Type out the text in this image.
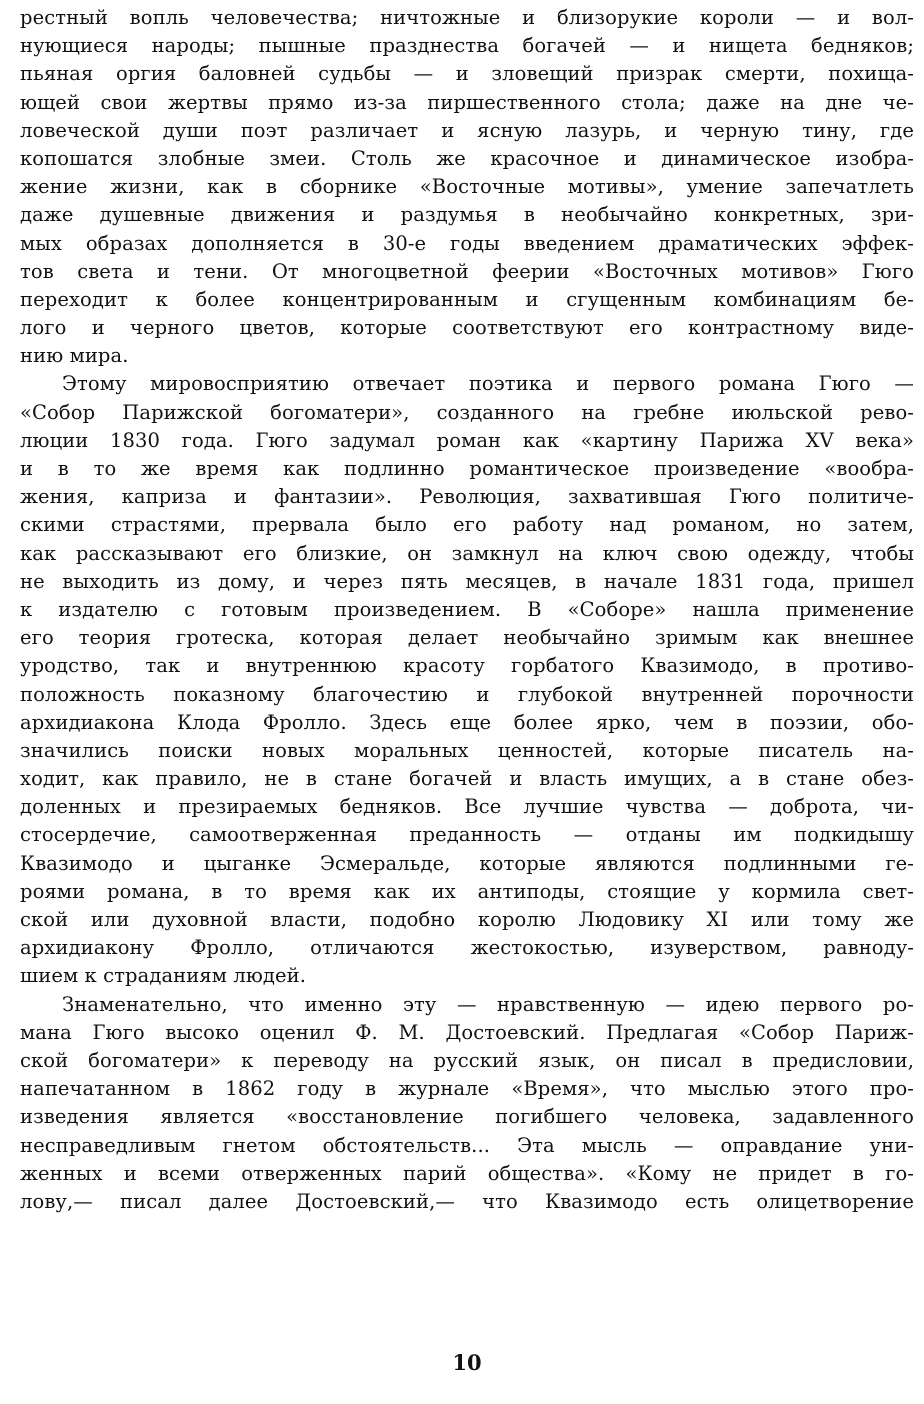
рестный вопль человечества; ничтожные и близорукие короли — и вол-
нующиеся народы; пышные празднества богачей — и нищета бедняков;
пьяная оргия баловней судьбы — и зловещий призрак смерти, похища-
ющей свои жертвы прямо из-за пиршественного стола; даже на дне че-
ловеческой души поэт различает и ясную лазурь, и черную тину, где
копошатся злобные змеи. Столь же красочное и динамическое изобра-
жение жизни, как в сборнике «Восточные мотивы», умение запечатлеть
даже душевные движения и раздумья в необычайно конкретных, зри-
мых образах дополняется в 30-е годы введением драматических эффек-
тов света и тени. От многоцветной феерии «Восточных мотивов» Гюго
переходит к более концентрированным и сгущенным комбинациям бе-
лого и черного цветов, которые соответствуют его контрастному виде-
нию мира.
Этому мировосприятию отвечает поэтика и первого романа Гюго —
«Собор Парижской богоматери», созданного на гребне июльской рево-
люции 1830 года. Гюго задумал роман как «картину Парижа XV века»
и в то же время как подлинно романтическое произведение «вообра-
жения, каприза и фантазии». Революция, захватившая Гюго политиче-
скими страстями, прервала было его работу над романом, но затем,
как рассказывают его близкие, он замкнул на ключ свою одежду, чтобы
не выходить из дому, и через пять месяцев, в начале 1831 года, пришел
к издателю с готовым произведением. В «Соборе» нашла применение
его теория гротеска, которая делает необычайно зримым как внешнее
уродство, так и внутреннюю красоту горбатого Квазимодо, в противо-
положность показному благочестию и глубокой внутренней порочности
архидиакона Клода Фролло. Здесь еще более ярко, чем в поэзии, обо-
значились поиски новых моральных ценностей, которые писатель на-
ходит, как правило, не в стане богачей и власть имущих, а в стане обез-
доленных и презираемых бедняков. Все лучшие чувства — доброта, чи-
стосердечие, самоотверженная преданность — отданы им подкидышу
Квазимодо и цыганке Эсмеральде, которые являются подлинными ге-
роями романа, в то время как их антиподы, стоящие у кормила свет-
ской или духовной власти, подобно королю Людовику XI или тому же
архидиакону Фролло, отличаются жестокостью, изуверством, равноду-
шием к страданиям людей.
Знаменательно, что именно эту — нравственную — идею первого ро-
мана Гюго высоко оценил Ф. М. Достоевский. Предлагая «Собор Париж-
ской богоматери» к переводу на русский язык, он писал в предисловии,
напечатанном в 1862 году в журнале «Время», что мыслью этого про-
изведения является «восстановление погибшего человека, задавленного
несправедливым гнетом обстоятельств... Эта мысль — оправдание уни-
женных и всеми отверженных парий общества». «Кому не придет в го-
лову,— писал далее Достоевский,— что Квазимодо есть олицетворение
10
